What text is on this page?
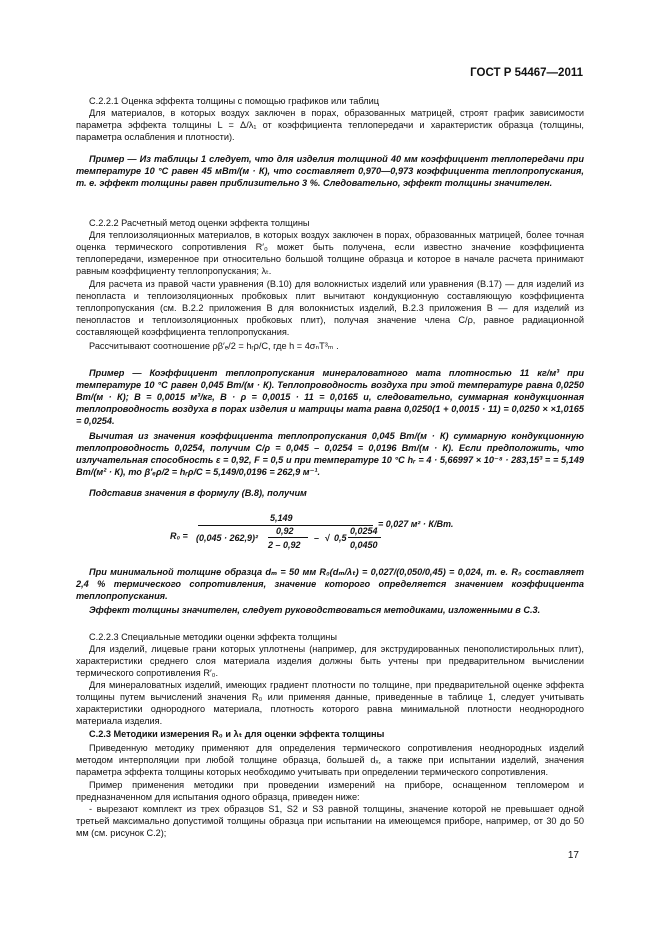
ГОСТ Р 54467—2011

С.2.2.1 Оценка эффекта толщины с помощью графиков или таблиц

Для материалов, в которых воздух заключен в порах, образованных матрицей, строят график зависимости параметра эффекта толщины L = Δ/λ₁ от коэффициента теплопередачи и характеристик образца (толщины, параметра ослабления и плотности).

Пример — Из таблицы 1 следует, что для изделия толщиной 40 мм коэффициент теплопередачи при температуре 10 °С равен 45 мВт/(м · К), что составляет 0,970—0,973 коэффициента теплопропускания, т. е. эффект толщины равен приблизительно 3 %. Следовательно, эффект толщины значителен.

С.2.2.2 Расчетный метод оценки эффекта толщины

Для теплоизоляционных материалов, в которых воздух заключен в порах, образованных матрицей, более точная оценка термического сопротивления R′₀ может быть получена, если известно значение коэффициента теплопередачи, измеренное при относительно большой толщине образца и которое в начале расчета принимают равным коэффициенту теплопропускания; λₜ.

Для расчета из правой части уравнения (В.10) для волокнистых изделий или уравнения (В.17) — для изделий из пенопласта и теплоизоляционных пробковых плит вычитают кондукционную составляющую коэффициента теплопропускания (см. В.2.2 приложения В для волокнистых изделий, В.2.3 приложения В — для изделий из пенопластов и теплоизоляционных пробковых плит), получая значение члена C/ρ, равное радиационной составляющей коэффициента теплопропускания.

Рассчитывают соотношение ρβ′ₑ/2 = hᵣρ/C, где h = 4σₙT³ₘ .

Пример — Коэффициент теплопропускания минераловатного мата плотностью 11 кг/м³ при температуре 10 °С равен 0,045 Вт/(м · К). Теплопроводность воздуха при этой температуре равна 0,0250 Вт/(м · К); B = 0,0015 м³/кг, B · ρ = 0,0015 · 11 = 0,0165 и, следовательно, суммарная кондукционная теплопроводность воздуха в порах изделия и матрицы мата равна 0,0250(1 + 0,0015 · 11) = 0,0250 × ×1,0165 = 0,0254.

Вычитая из значения коэффициента теплопропускания 0,045 Вт/(м · К) суммарную кондукционную теплопроводность 0,0254, получим C/ρ = 0,045 – 0,0254 = 0,0196 Вт/(м · К). Если предположить, что излучательная способность ε = 0,92, F = 0,5 и при температуре 10 °С hᵣ = 4 · 5,66997 × 10⁻⁸ · 283,15³ = = 5,149 Вт/(м² · К), то β′ₑρ/2 = hᵣρ/C = 5,149/0,0196 = 262,9 м⁻¹.

Подставив значения в формулу (В.8), получим

R₀ =
5,149
(0,045 · 262,9)²
0,92
2 – 0,92
– √ 0,5
0,0254
0,0450
= 0,027 м² · К/Вт.

При минимальной толщине образца dₘ = 50 мм R₀(dₘ/λₜ) = 0,027/(0,050/0,45) = 0,024, т. е. R₀ составляет 2,4 % термического сопротивления, значение которого определяется значением коэффициента теплопропускания.

Эффект толщины значителен, следует руководствоваться методиками, изложенными в С.3.

С.2.2.3 Специальные методики оценки эффекта толщины

Для изделий, лицевые грани которых уплотнены (например, для экструдированных пенополистирольных плит), характеристики среднего слоя материала изделия должны быть учтены при предварительном вычислении термического сопротивления R′₀.

Для минераловатных изделий, имеющих градиент плотности по толщине, при предварительной оценке эффекта толщины путем вычислений значения R₀ или применяя данные, приведенные в таблице 1, следует учитывать характеристики однородного материала, плотность которого равна минимальной плотности неоднородного материала изделия.

С.2.3 Методики измерения R₀ и λₜ для оценки эффекта толщины

Приведенную методику применяют для определения термического сопротивления неоднородных изделий методом интерполяции при любой толщине образца, большей dₓ, а также при испытании изделий, значения параметра эффекта толщины которых необходимо учитывать при определении термического сопротивления.

Пример применения методики при проведении измерений на приборе, оснащенном тепломером и предназначенном для испытания одного образца, приведен ниже:

- вырезают комплект из трех образцов S1, S2 и S3 равной толщины, значение которой не превышает одной третьей максимально допустимой толщины образца при испытании на имеющемся приборе, например, от 30 до 50 мм (см. рисунок С.2);

17
